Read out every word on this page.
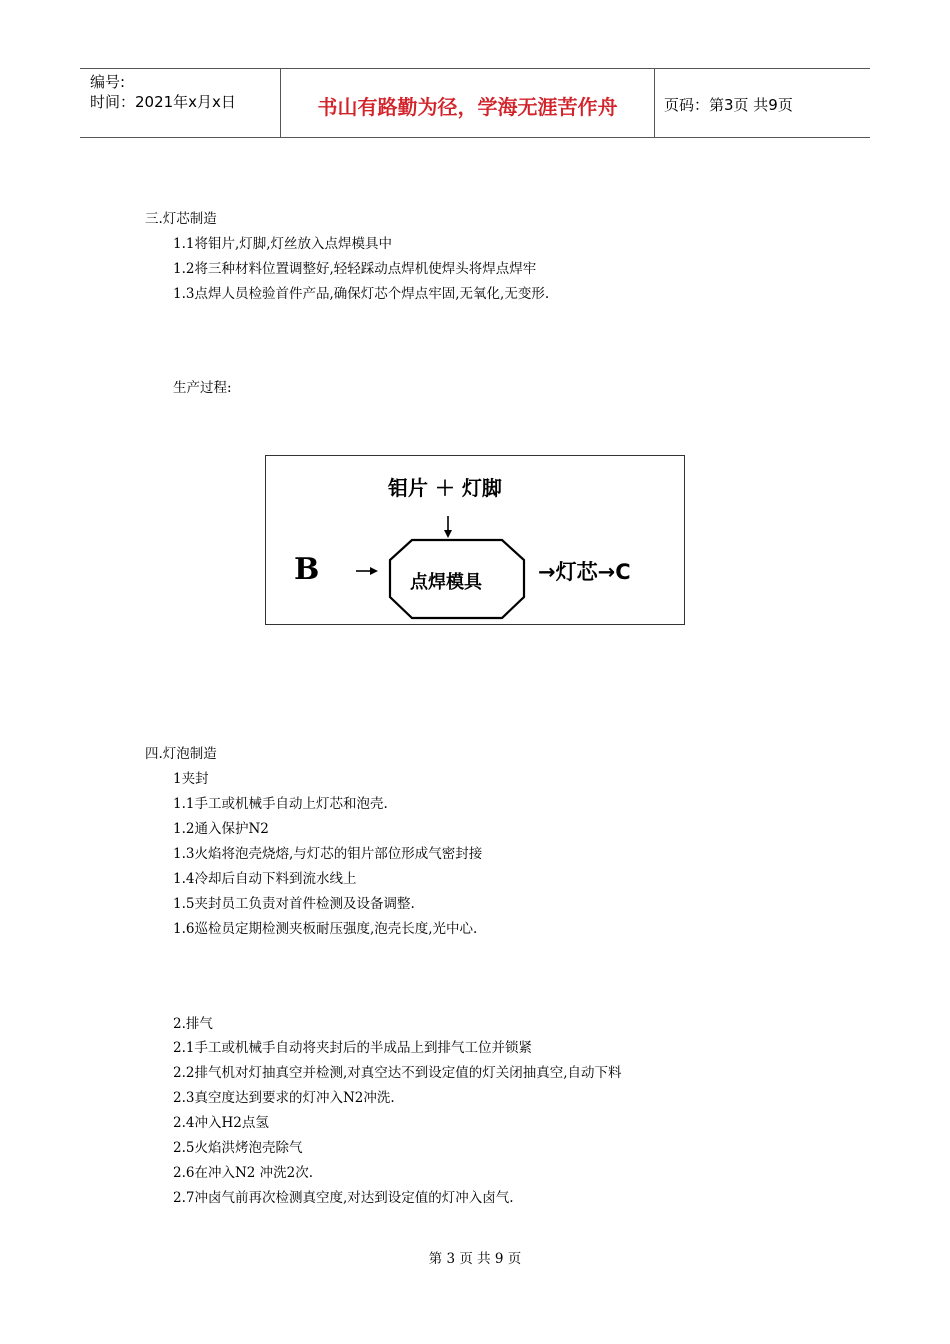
编号:
时间：2021年x月x日	书山有路勤为径，学海无涯苦作舟	页码：第3页 共9页
三.灯芯制造
1.1将钼片,灯脚,灯丝放入点焊模具中
1.2将三种材料位置调整好,轻轻踩动点焊机使焊头将焊点焊牢
1.3点焊人员检验首件产品,确保灯芯个焊点牢固,无氧化,无变形.
生产过程:
钼片 ＋ 灯脚
B	点焊模具	→灯芯→C
四.灯泡制造
1夹封
1.1手工或机械手自动上灯芯和泡壳.
1.2通入保护N2
1.3火焰将泡壳烧熔,与灯芯的钼片部位形成气密封接
1.4冷却后自动下料到流水线上
1.5夹封员工负责对首件检测及设备调整.
1.6巡检员定期检测夹板耐压强度,泡壳长度,光中心.
2.排气
2.1手工或机械手自动将夹封后的半成品上到排气工位并锁紧
2.2排气机对灯抽真空并检测,对真空达不到设定值的灯关闭抽真空,自动下料
2.3真空度达到要求的灯冲入N2冲洗.
2.4冲入H2点氢
2.5火焰洪烤泡壳除气
2.6在冲入N2 冲洗2次.
2.7冲卤气前再次检测真空度,对达到设定值的灯冲入卤气.
第 3 页 共 9 页
